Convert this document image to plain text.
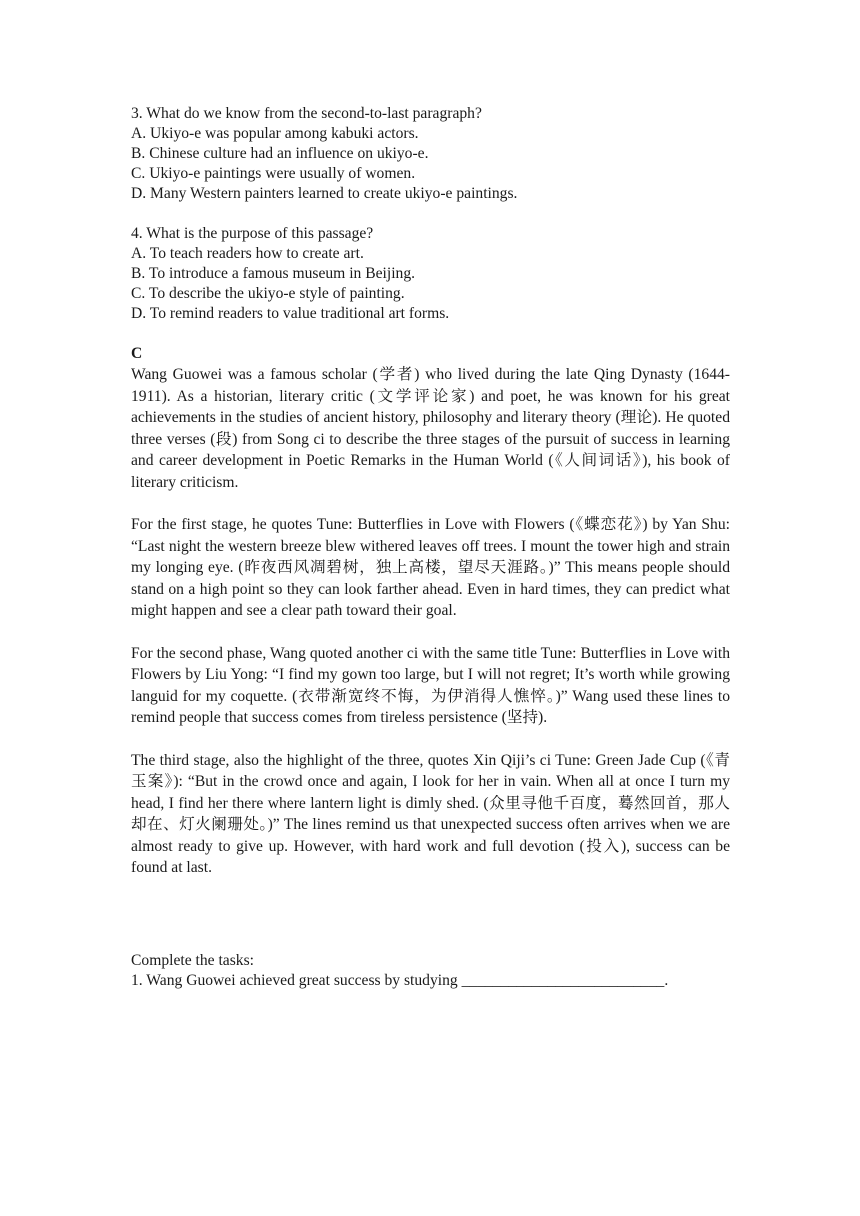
3. What do we know from the second-to-last paragraph?
A. Ukiyo-e was popular among kabuki actors.
B. Chinese culture had an influence on ukiyo-e.
C. Ukiyo-e paintings were usually of women.
D. Many Western painters learned to create ukiyo-e paintings.
4. What is the purpose of this passage?
A. To teach readers how to create art.
B. To introduce a famous museum in Beijing.
C. To describe the ukiyo-e style of painting.
D. To remind readers to value traditional art forms.
C

Wang Guowei was a famous scholar (学者) who lived during the late Qing Dynasty (1644-1911). As a historian, literary critic (文学评论家) and poet, he was known for his great achievements in the studies of ancient history, philosophy and literary theory (理论). He quoted three verses (段) from Song ci to describe the three stages of the pursuit of success in learning and career development in Poetic Remarks in the Human World (《人间词话》), his book of literary criticism.

For the first stage, he quotes Tune: Butterflies in Love with Flowers (《蝶恋花》) by Yan Shu: “Last night the western breeze blew withered leaves off trees. I mount the tower high and strain my longing eye. (昨夜西风凋碧树，独上高楼，望尽天涯路。)” This means people should stand on a high point so they can look farther ahead. Even in hard times, they can predict what might happen and see a clear path toward their goal.

For the second phase, Wang quoted another ci with the same title Tune: Butterflies in Love with Flowers by Liu Yong: “I find my gown too large, but I will not regret; It’s worth while growing languid for my coquette. (衣带渐宽终不悔，为伊消得人憔悴。)” Wang used these lines to remind people that success comes from tireless persistence (坚持).

The third stage, also the highlight of the three, quotes Xin Qiji’s ci Tune: Green Jade Cup (《青玉案》): “But in the crowd once and again, I look for her in vain. When all at once I turn my head, I find her there where lantern light is dimly shed. (众里寻他千百度，蓦然回首，那人却在、灯火阑珊处。)” The lines remind us that unexpected success often arrives when we are almost ready to give up. However, with hard work and full devotion (投入), success can be found at last.

Complete the tasks:
1. Wang Guowei achieved great success by studying __________________________.
